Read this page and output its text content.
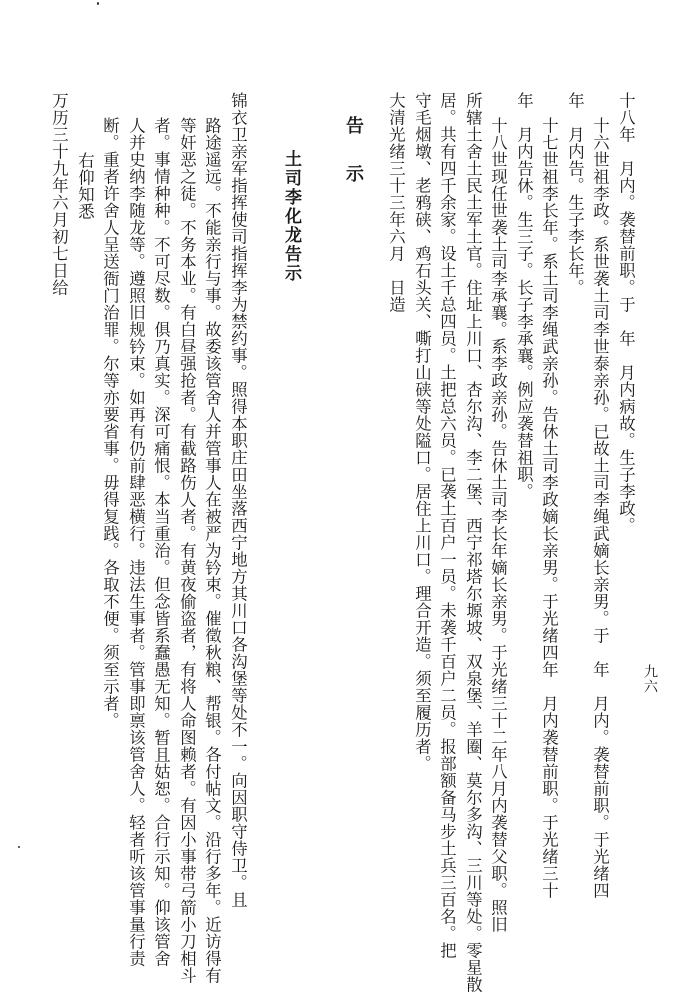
九六
十八年　月内。袭替前职。于　年　月内病故。生子李政。
十六世祖李政。系世袭土司李世泰亲孙。已故土司李绳武嫡长亲男。于　年　月内。袭替前职。于光绪四
年　月内告。生子李长年。
十七世祖李长年。系土司李绳武亲孙。告休土司李政嫡长亲男。于光绪四年　月内袭替前职。于光绪三十
年　月内告休。生三子。长子李承襄。例应袭替祖职。
十八世现任世袭土司李承襄。系李政亲孙。告休土司李长年嫡长亲男。于光绪三十二年八月内袭替父职。照旧
所辖土舍土民土军土官。住址上川口、杏尔沟、李二堡、西宁祁塔尔塬坡、双泉堡、羊圈、莫尔多沟、三川等处。零星散
居。共有四千余家。设土千总四员。土把总六员。已袭土百户一员。未袭千百户二员。报部额备马步土兵三百名。把
守毛烟墩、老鸦硖、鸡石头关、嘶打山硖等处隘口。居住上川口。理合开造。须至履历者。
大清光绪三十三年六月　日造
告　示
土司李化龙告示
锦衣卫亲军指挥使司指挥李为禁约事。照得本职庄田坐落西宁地方其川口各沟堡等处不一。向因职守侍卫。且
路途遥远。不能亲行与事。故委该管舍人并管事人在被严为钤束。催徵秋粮、帮银。各付帖文。沿行多年。近访得有
等奸恶之徒。不务本业。有白昼强抢者。有截路伤人者。有黄夜偷盗者，有将人命图赖者。有因小事带弓箭小刀相斗
者。事情种种。不可尽数。俱乃真实。深可痛恨。本当重治。但念皆系蠢愚无知。暂且姑恕。合行示知。仰该管舍
人并史纳李随龙等。遵照旧规钤束。如再有仍前肆恶横行。违法生事者。管事即禀该管舍人。轻者听该管事量行责
断。重者许舍人呈送衙门治罪。尔等亦要省事。毋得复践。各取不便。须至示者。
右仰知悉
万历三十九年六月初七日给
